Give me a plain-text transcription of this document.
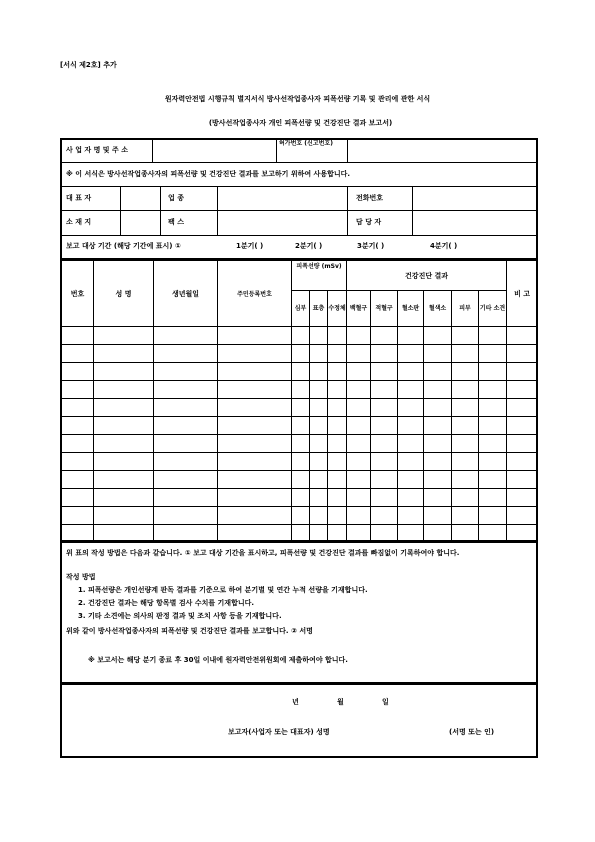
[서식 제2호] 추가
원자력안전법 시행규칙 별지서식 방사선작업종사자 피폭선량 기록 및 관리에 관한 서식
(방사선작업종사자 개인 피폭선량 및 건강진단 결과 보고서)
사 업 자 명 및 주 소
허가번호 (신고번호)
※ 이 서식은 방사선작업종사자의 피폭선량 및 건강진단 결과를 보고하기 위하여 사용합니다.
대 표 자	업 종	전화번호
소 재 지	팩 스	담 당 자
보고 대상 기간 (해당 기간에 표시) ①	1분기( )	2분기( )	3분기( )	4분기( )
번호	성 명	생년월일	주민등록번호	피폭선량 (mSv)			건강진단 결과						비 고
				심부	표층	수정체	백혈구	적혈구	혈소판	혈색소	피부	기타 소견	

위 표의 작성 방법은 다음과 같습니다. ① 보고 대상 기간을 표시하고, 피폭선량 및 건강진단 결과를 빠짐없이 기록하여야 합니다.
작성 방법
1. 피폭선량은 개인선량계 판독 결과를 기준으로 하여 분기별 및 연간 누적 선량을 기재합니다.
2. 건강진단 결과는 해당 항목별 검사 수치를 기재합니다.
3. 기타 소견에는 의사의 판정 결과 및 조치 사항 등을 기재합니다.
위와 같이 방사선작업종사자의 피폭선량 및 건강진단 결과를 보고합니다. ② 서명
※ 보고서는 해당 분기 종료 후 30일 이내에 원자력안전위원회에 제출하여야 합니다.
년	월	일
보고자(사업자 또는 대표자) 성명	(서명 또는 인)
